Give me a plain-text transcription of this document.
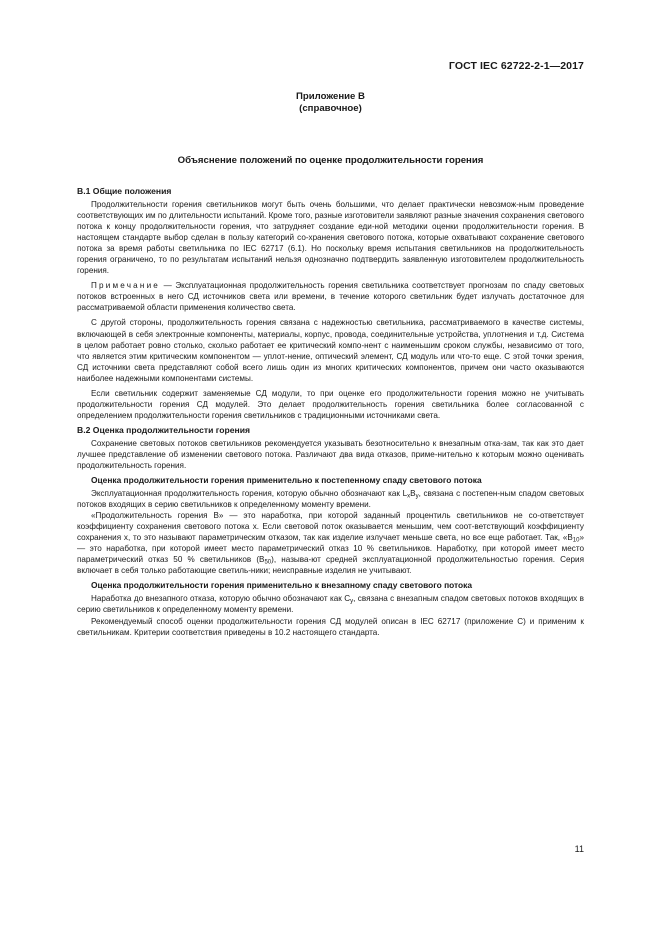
ГОСТ IEC 62722-2-1—2017
Приложение В
(справочное)
Объяснение положений по оценке продолжительности горения
В.1 Общие положения

Продолжительности горения светильников могут быть очень большими, что делает практически невозмож-ным проведение соответствующих им по длительности испытаний. Кроме того, разные изготовители заявляют разные значения сохранения светового потока к концу продолжительности горения, что затрудняет создание еди-ной методики оценки продолжительности горения. В настоящем стандарте выбор сделан в пользу категорий со-хранения светового потока, которые охватывают сохранение светового потока за время работы светильника по IEC 62717 (6.1). Но поскольку время испытания светильников на продолжительность горения ограничено, то по результатам испытаний нельзя однозначно подтвердить заявленную изготовителем продолжительность горения.

Примечание — Эксплуатационная продолжительность горения светильника соответствует прогнозам по спаду световых потоков встроенных в него СД источников света или времени, в течение которого светильник будет излучать достаточное для рассматриваемой области применения количество света.

С другой стороны, продолжительность горения связана с надежностью светильника, рассматриваемого в качестве системы, включающей в себя электронные компоненты, материалы, корпус, провода, соединительные устройства, уплотнения и т.д. Система в целом работает ровно столько, сколько работает ее критический компо-нент с наименьшим сроком службы, независимо от того, что является этим критическим компонентом — уплот-нение, оптический элемент, СД модуль или что-то еще. С этой точки зрения, СД источники света представляют собой всего лишь один из многих критических компонентов, причем они часто оказываются наиболее надежными компонентами системы.

Если светильник содержит заменяемые СД модули, то при оценке его продолжительности горения можно не учитывать продолжительности горения СД модулей. Это делает продолжительность горения светильника более согласованной с определением продолжительности горения светильников с традиционными источниками света.

В.2 Оценка продолжительности горения

Сохранение световых потоков светильников рекомендуется указывать безотносительно к внезапным отка-зам, так как это дает лучшее представление об изменении светового потока. Различают два вида отказов, приме-нительно к которым можно оценивать продолжительность горения.

Оценка продолжительности горения применительно к постепенному спаду светового потока

Эксплуатационная продолжительность горения, которую обычно обозначают как $L_xB_y$, связана с постепен-ным спадом световых потоков входящих в серию светильников к определенному моменту времени.

«Продолжительность горения В» — это наработка, при которой заданный процентиль светильников не со-ответствует коэффициенту сохранения светового потока x. Если световой поток оказывается меньшим, чем соот-ветствующий коэффициенту сохранения x, то это называют параметрическим отказом, так как изделие излучает меньше света, но все еще работает. Так, «$B_{10}$» — это наработка, при которой имеет место параметрический отказ 10 % светильников. Наработку, при которой имеет место параметрический отказ 50 % светильников $(B_{50})$, называ-ют средней эксплуатационной продолжительностью горения. Серия включает в себя только работающие светиль-ники; неисправные изделия не учитывают.

Оценка продолжительности горения применительно к внезапному спаду светового потока

Наработка до внезапного отказа, которую обычно обозначают как $C_y$, связана с внезапным спадом световых потоков входящих в серию светильников к определенному моменту времени.

Рекомендуемый способ оценки продолжительности горения СД модулей описан в IEC 62717 (приложение С) и применим к светильникам. Критерии соответствия приведены в 10.2 настоящего стандарта.

11
